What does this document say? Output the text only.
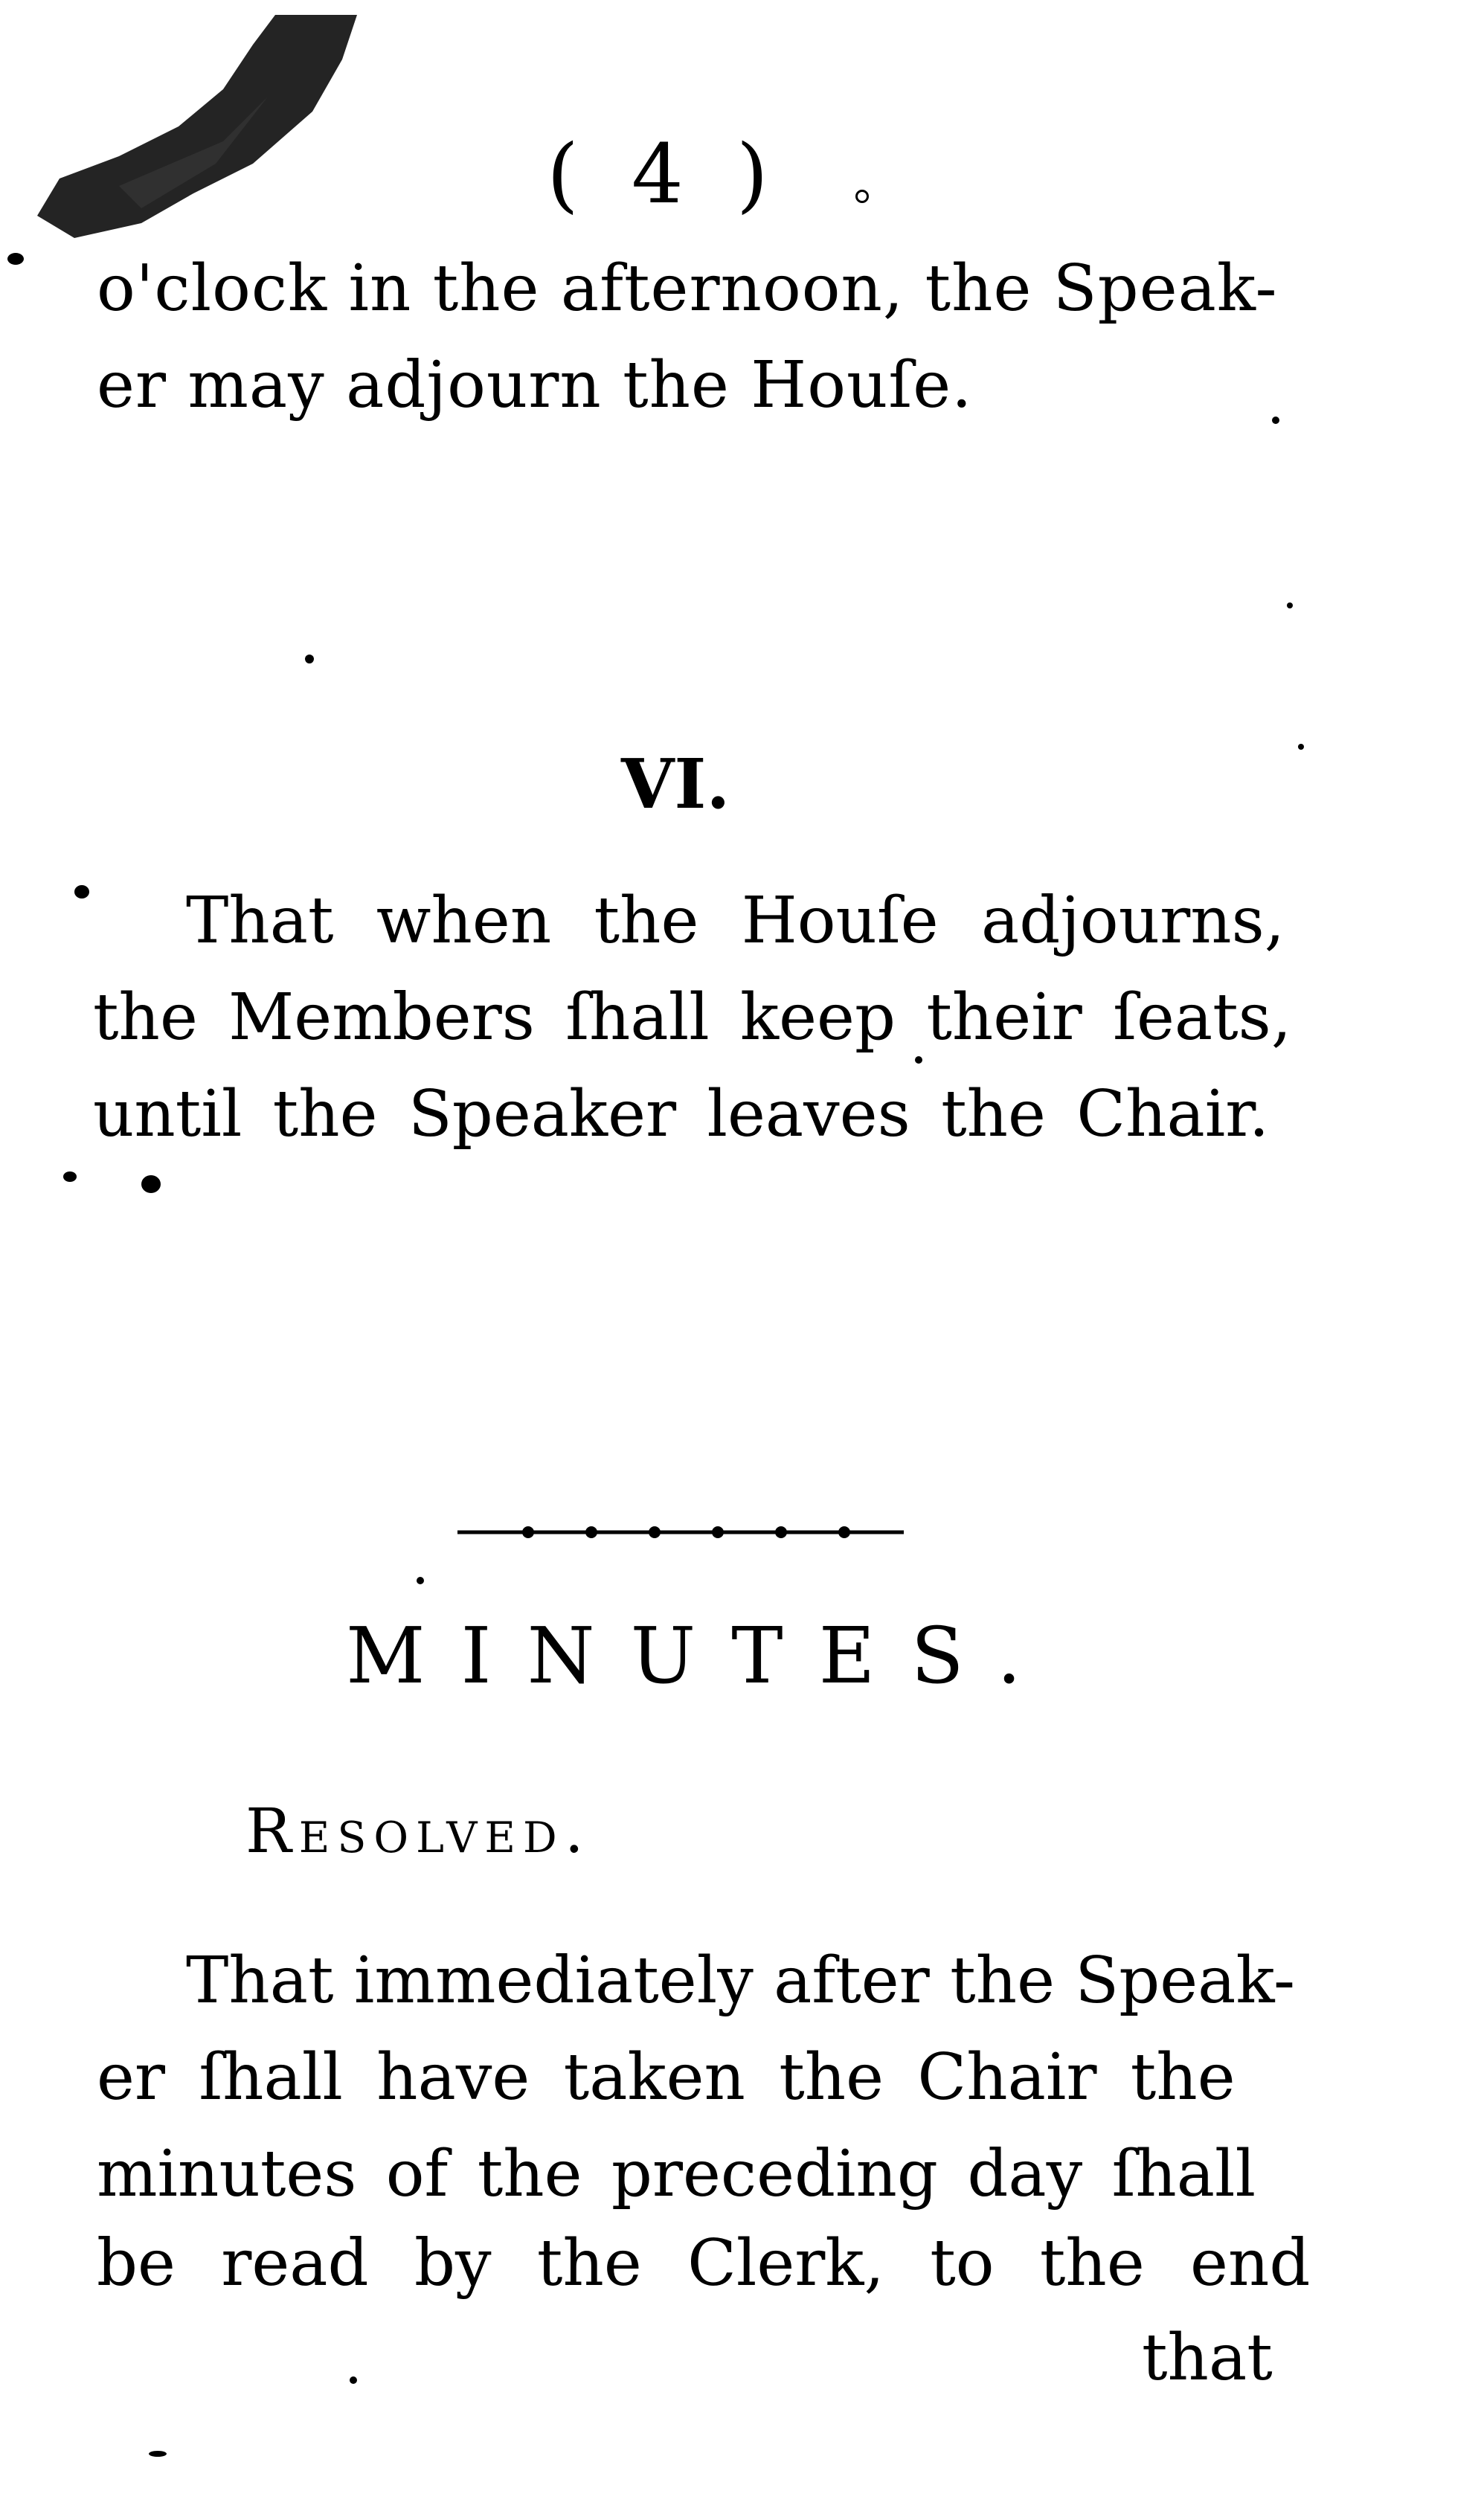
( 4 )
o'clock in the afternoon, the Speak-
er may adjourn the Houſe.
VI.
That when the Houſe adjourns,
the Members ſhall keep their ſeats,
until the Speaker leaves the Chair.
MINUTES.
Resolved.
That immediately after the Speak-
er ſhall have taken the Chair the
minutes of the preceding day ſhall
be read by the Clerk, to the end
that
